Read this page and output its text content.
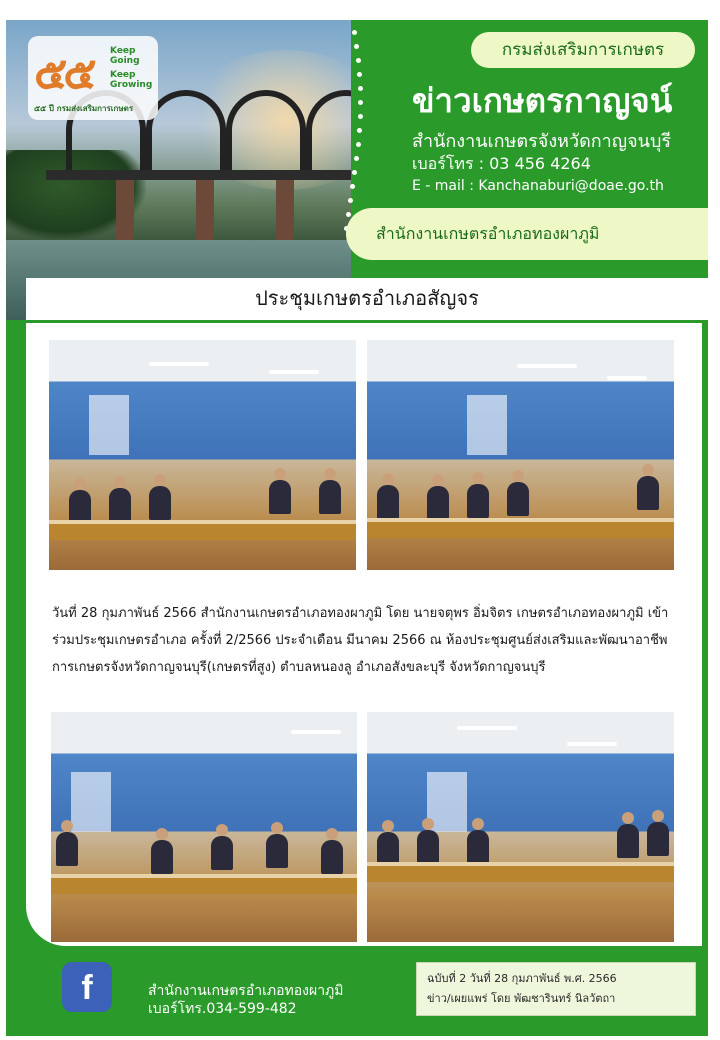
๕๕ Keep Going
Keep Growing
๕๕ ปี กรมส่งเสริมการเกษตร
กรมส่งเสริมการเกษตร
ข่าวเกษตรกาญจน์
สำนักงานเกษตรจังหวัดกาญจนบุรี
เบอร์โทร : 03 456 4264
E - mail : Kanchanaburi@doae.go.th
สำนักงานเกษตรอำเภอทองผาภูมิ
ประชุมเกษตรอำเภอสัญจร
วันที่ 28 กุมภาพันธ์ 2566 สำนักงานเกษตรอำเภอทองผาภูมิ โดย นายจตุพร อิ่มจิตร เกษตรอำเภอทองผาภูมิ เข้าร่วมประชุมเกษตรอำเภอ ครั้งที่ 2/2566 ประจำเดือน มีนาคม 2566 ณ ห้องประชุมศูนย์ส่งเสริมและพัฒนาอาชีพการเกษตรจังหวัดกาญจนบุรี(เกษตรที่สูง) ตำบลหนองลู อำเภอสังขละบุรี จังหวัดกาญจนบุรี
f	สำนักงานเกษตรอำเภอทองผาภูมิ
เบอร์โทร.034-599-482
ฉบับที่ 2 วันที่ 28 กุมภาพันธ์ พ.ศ. 2566
ข่าว/เผยแพร่ โดย พัฒชารินทร์ นิลวัตถา
